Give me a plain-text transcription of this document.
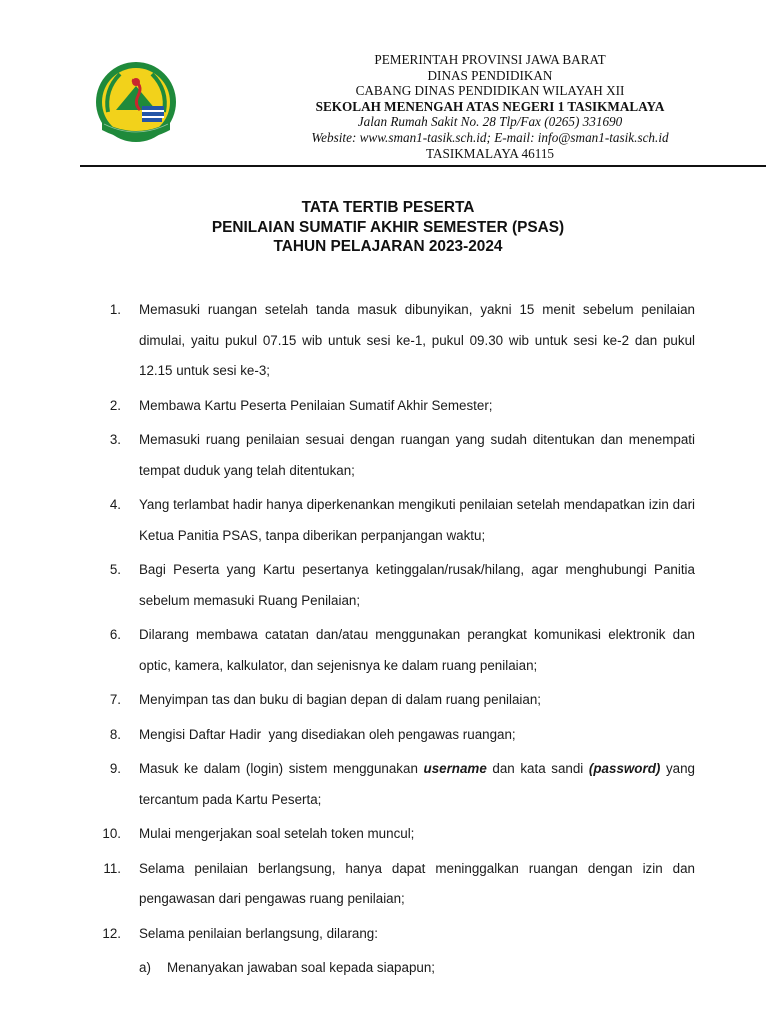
PEMERINTAH PROVINSI JAWA BARAT
DINAS PENDIDIKAN
CABANG DINAS PENDIDIKAN WILAYAH XII
SEKOLAH MENENGAH ATAS NEGERI 1 TASIKMALAYA
Jalan Rumah Sakit No. 28 Tlp/Fax (0265) 331690
Website: www.sman1-tasik.sch.id; E-mail: info@sman1-tasik.sch.id
TASIKMALAYA 46115
TATA TERTIB PESERTA
PENILAIAN SUMATIF AKHIR SEMESTER (PSAS)
TAHUN PELAJARAN 2023-2024
1. Memasuki ruangan setelah tanda masuk dibunyikan, yakni 15 menit sebelum penilaian dimulai, yaitu pukul 07.15 wib untuk sesi ke-1, pukul 09.30 wib untuk sesi ke-2 dan pukul 12.15 untuk sesi ke-3;
2. Membawa Kartu Peserta Penilaian Sumatif Akhir Semester;
3. Memasuki ruang penilaian sesuai dengan ruangan yang sudah ditentukan dan menempati tempat duduk yang telah ditentukan;
4. Yang terlambat hadir hanya diperkenankan mengikuti penilaian setelah mendapatkan izin dari Ketua Panitia PSAS, tanpa diberikan perpanjangan waktu;
5. Bagi Peserta yang Kartu pesertanya ketinggalan/rusak/hilang, agar menghubungi Panitia sebelum memasuki Ruang Penilaian;
6. Dilarang membawa catatan dan/atau menggunakan perangkat komunikasi elektronik dan optic, kamera, kalkulator, dan sejenisnya ke dalam ruang penilaian;
7. Menyimpan tas dan buku di bagian depan di dalam ruang penilaian;
8. Mengisi Daftar Hadir  yang disediakan oleh pengawas ruangan;
9. Masuk ke dalam (login) sistem menggunakan username dan kata sandi (password) yang tercantum pada Kartu Peserta;
10. Mulai mengerjakan soal setelah token muncul;
11. Selama penilaian berlangsung, hanya dapat meninggalkan ruangan dengan izin dan pengawasan dari pengawas ruang penilaian;
12. Selama penilaian berlangsung, dilarang:
a) Menanyakan jawaban soal kepada siapapun;
